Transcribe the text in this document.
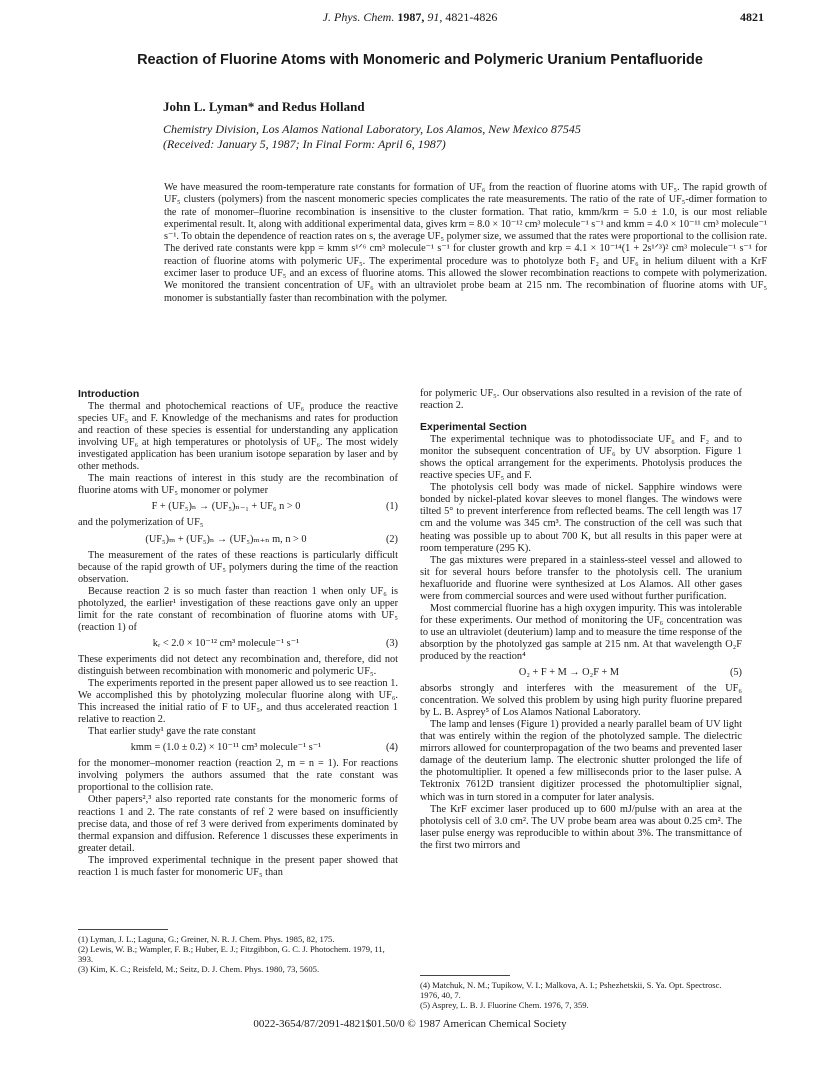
J. Phys. Chem. 1987, 91, 4821-4826	4821
Reaction of Fluorine Atoms with Monomeric and Polymeric Uranium Pentafluoride
John L. Lyman* and Redus Holland
Chemistry Division, Los Alamos National Laboratory, Los Alamos, New Mexico 87545
(Received: January 5, 1987; In Final Form: April 6, 1987)
We have measured the room-temperature rate constants for formation of UF₆ from the reaction of fluorine atoms with UF₅. The rapid growth of UF₅ clusters (polymers) from the nascent monomeric species complicates the rate measurements. The ratio of the rate of UF₅-dimer formation to the rate of monomer–fluorine recombination is insensitive to the cluster formation. That ratio, kmm/krm = 5.0 ± 1.0, is our most reliable experimental result. It, along with additional experimental data, gives krm = 8.0 × 10⁻¹² cm³ molecule⁻¹ s⁻¹ and kmm = 4.0 × 10⁻¹¹ cm³ molecule⁻¹ s⁻¹. To obtain the dependence of reaction rates on s, the average UF₅ polymer size, we assumed that the rates were proportional to the collision rate. The derived rate constants were kpp = kmm s¹ᐟ⁶ cm³ molecule⁻¹ s⁻¹ for cluster growth and krp = 4.1 × 10⁻¹⁴(1 + 2s¹ᐟ³)² cm³ molecule⁻¹ s⁻¹ for reaction of fluorine atoms with polymeric UF₅. The experimental procedure was to photolyze both F₂ and UF₆ in helium diluent with a KrF excimer laser to produce UF₅ and an excess of fluorine atoms. This allowed the slower recombination reactions to compete with polymerization. We monitored the transient concentration of UF₆ with an ultraviolet probe beam at 215 nm. The recombination of fluorine atoms with UF₅ monomer is substantially faster than recombination with the polymer.
Introduction

The thermal and photochemical reactions of UF₆ produce the reactive species UF₅ and F. Knowledge of the mechanisms and rates for production and reaction of these species is essential for understanding any application involving UF₆ at high temperatures or photolysis of UF₆. The most widely investigated application has been uranium isotope separation by laser and by other methods.

The main reactions of interest in this study are the recombination of fluorine atoms with UF₅ monomer or polymer

F + (UF₅)ₙ → (UF₅)ₙ₋₁ + UF₆ n > 0	(1)

and the polymerization of UF₅

(UF₅)ₘ + (UF₅)ₙ → (UF₅)ₘ₊ₙ m, n > 0	(2)

The measurement of the rates of these reactions is particularly difficult because of the rapid growth of UF₅ polymers during the time of the reaction observation.

Because reaction 2 is so much faster than reaction 1 when only UF₆ is photolyzed, the earlier¹ investigation of these reactions gave only an upper limit for the rate constant of recombination of fluorine atoms with UF₅ (reaction 1) of

kᵣ < 2.0 × 10⁻¹² cm³ molecule⁻¹ s⁻¹	(3)

These experiments did not detect any recombination and, therefore, did not distinguish between recombination with monomeric and polymeric UF₅.

The experiments reported in the present paper allowed us to see reaction 1. We accomplished this by photolyzing molecular fluorine along with UF₆. This increased the initial ratio of F to UF₅, and thus accelerated reaction 1 relative to reaction 2.

That earlier study¹ gave the rate constant

kmm = (1.0 ± 0.2) × 10⁻¹¹ cm³ molecule⁻¹ s⁻¹	(4)

for the monomer–monomer reaction (reaction 2, m = n = 1). For reactions involving polymers the authors assumed that the rate constant was proportional to the collision rate.

Other papers²,³ also reported rate constants for the monomeric forms of reactions 1 and 2. The rate constants of ref 2 were based on insufficiently precise data, and those of ref 3 were derived from experiments dominated by thermal expansion and diffusion. Reference 1 discusses these experiments in greater detail.

The improved experimental technique in the present paper showed that reaction 1 is much faster for monomeric UF₅ than

for polymeric UF₅. Our observations also resulted in a revision of the rate of reaction 2.

Experimental Section

The experimental technique was to photodissociate UF₆ and F₂ and to monitor the subsequent concentration of UF₆ by UV absorption. Figure 1 shows the optical arrangement for the experiments. Photolysis produces the reactive species UF₅ and F.

The photolysis cell body was made of nickel. Sapphire windows were bonded by nickel-plated kovar sleeves to monel flanges. The windows were tilted 5° to prevent interference from reflected beams. The cell length was 17 cm and the volume was 345 cm³. The construction of the cell was such that heating was possible up to about 700 K, but all results in this paper were at room temperature (295 K).

The gas mixtures were prepared in a stainless-steel vessel and allowed to sit for several hours before transfer to the photolysis cell. The uranium hexafluoride and fluorine were synthesized at Los Alamos. All other gases were from commercial sources and were used without further purification.

Most commercial fluorine has a high oxygen impurity. This was intolerable for these experiments. Our method of monitoring the UF₆ concentration was to use an ultraviolet (deuterium) lamp and to measure the time response of the absorption by the photolyzed gas sample at 215 nm. At that wavelength O₂F produced by the reaction⁴

O₂ + F + M → O₂F + M	(5)

absorbs strongly and interferes with the measurement of the UF₆ concentration. We solved this problem by using high purity fluorine prepared by L. B. Asprey⁵ of Los Alamos National Laboratory.

The lamp and lenses (Figure 1) provided a nearly parallel beam of UV light that was entirely within the region of the photolyzed sample. The dielectric mirrors allowed for counterpropagation of the two beams and prevented laser damage of the deuterium lamp. The electronic shutter prolonged the life of the photomultiplier. It opened a few milliseconds prior to the laser pulse. A Tektronix 7612D transient digitizer processed the photomultiplier signal, which was in turn stored in a computer for later analysis.

The KrF excimer laser produced up to 600 mJ/pulse with an area at the photolysis cell of 3.0 cm². The UV probe beam area was about 0.25 cm². The laser pulse energy was reproducible to within about 3%. The transmittance of the first two mirrors and

(1) Lyman, J. L.; Laguna, G.; Greiner, N. R. J. Chem. Phys. 1985, 82, 175.

(2) Lewis, W. B.; Wampler, F. B.; Huber, E. J.; Fitzgibbon, G. C. J. Photochem. 1979, 11, 393.

(3) Kim, K. C.; Reisfeld, M.; Seitz, D. J. Chem. Phys. 1980, 73, 5605.

(4) Matchuk, N. M.; Tupikow, V. I.; Malkova, A. I.; Pshezhetskii, S. Ya. Opt. Spectrosc. 1976, 40, 7.

(5) Asprey, L. B. J. Fluorine Chem. 1976, 7, 359.

0022-3654/87/2091-4821$01.50/0 © 1987 American Chemical Society
